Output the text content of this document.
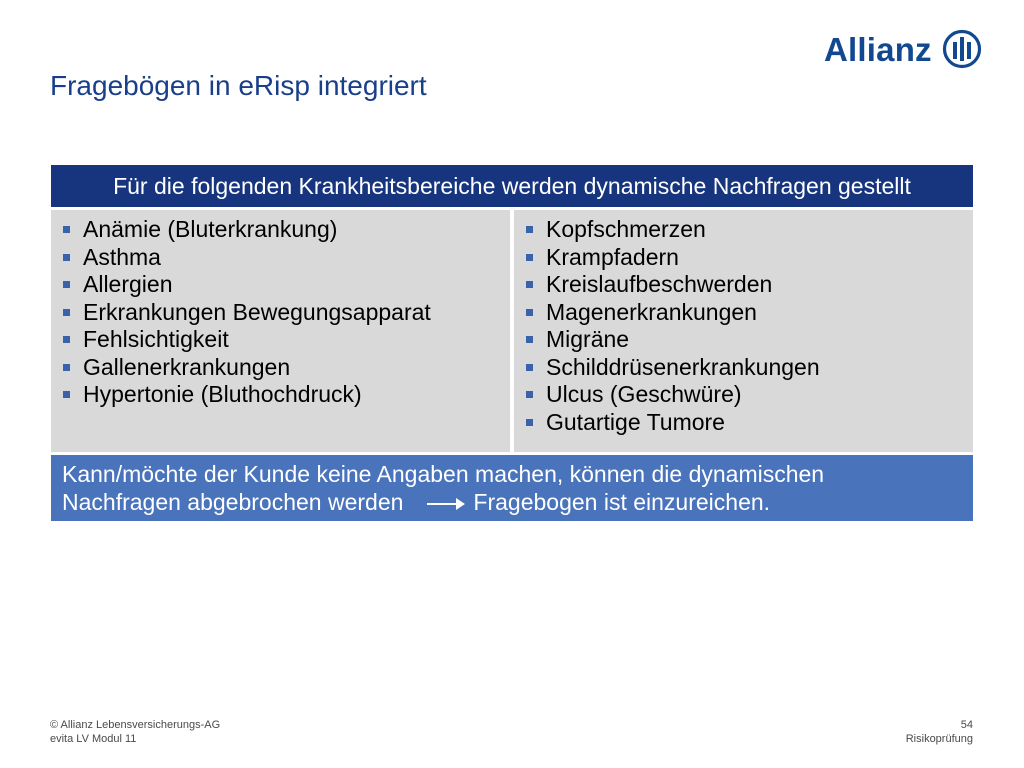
Allianz
Fragebögen in eRisp integriert
Für die folgenden Krankheitsbereiche werden dynamische Nachfragen gestellt
Anämie (Bluterkrankung)
Asthma
Allergien
Erkrankungen Bewegungsapparat
Fehlsichtigkeit
Gallenerkrankungen
Hypertonie (Bluthochdruck)
Kopfschmerzen
Krampfadern
Kreislaufbeschwerden
Magenerkrankungen
Migräne
Schilddrüsenerkrankungen
Ulcus (Geschwüre)
Gutartige Tumore
Kann/möchte der Kunde keine Angaben machen, können die dynamischen
Nachfragen abgebrochen werden	Fragebogen ist einzureichen.
© Allianz Lebensversicherungs-AG
evita LV Modul 11
54
Risikoprüfung
